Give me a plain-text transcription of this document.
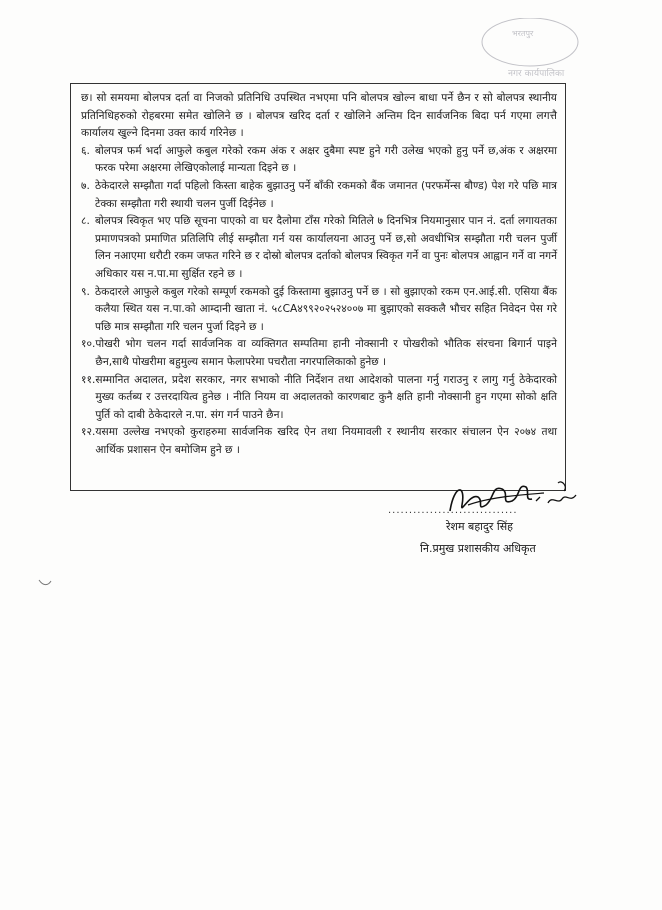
भरतपुर
नगर कार्यपालिका

छ। सो समयमा बोलपत्र दर्ता वा निजको प्रतिनिधि उपस्थित नभएमा पनि बोलपत्र खोल्न बाधा पर्ने छैन र सो बोलपत्र स्थानीय प्रतिनिधिहरुको रोहबरमा समेत खोलिने छ । बोलपत्र खरिद दर्ता र खोलिने अन्तिम दिन सार्वजनिक बिदा पर्न गएमा लगत्तै कार्यालय खुल्ने दिनमा उक्त कार्य गरिनेछ ।

६. बोलपत्र फर्म भर्दा आफुले कबुल गरेको रकम अंक र अक्षर दुबैमा स्पष्ट हुने गरी उलेख भएको हुनु पर्ने छ,अंक र अक्षरमा फरक परेमा अक्षरमा लेखिएकोलाई मान्यता दिइने छ ।
७. ठेकेदारले सम्झौता गर्दा पहिलो किस्ता बाहेक बुझाउनु पर्ने बाँकी रकमको बैंक जमानत (परफर्मेन्स बौण्ड) पेश गरे पछि मात्र टेक्का सम्झौता गरी स्थायी चलन पुर्जी दिईनेछ ।
८. बोलपत्र स्विकृत भए पछि सूचना पाएको वा घर दैलोमा टाँस गरेको मितिले ७ दिनभित्र नियमानुसार पान नं. दर्ता लगायतका प्रमाणपत्रको प्रमाणित प्रतिलिपि लीई सम्झौता गर्न यस कार्यालयना आउनु पर्ने छ,सो अवधीभित्र सम्झौता गरी चलन पुर्जी लिन नआएमा धरौटी रकम जफत गरिने छ र दोस्रो बोलपत्र दर्ताको बोलपत्र स्विकृत गर्ने वा पुनः बोलपत्र आह्वान गर्ने वा नगर्ने अधिकार यस न.पा.मा सुर्क्षित रहने छ ।
९. ठेकदारले आफुले कबुल गरेको सम्पूर्ण रकमको दुई किस्तामा बुझाउनु पर्ने छ । सो बुझाएको रकम एन.आई.सी. एसिया बैंक कलैया स्थित यस न.पा.को आम्दानी खाता नं. ५८CA४९९२०२५२४००७ मा बुझाएको सक्कलै भौचर सहित निवेदन पेस गरे पछि मात्र सम्झौता गरि चलन पुर्जा दिइने छ ।
१०. पोखरी भोग चलन गर्दा सार्वजनिक वा व्यक्तिगत सम्पतिमा हानी नोक्सानी र पोखरीको भौतिक संरचना बिगार्न पाइने छैन,साथै पोखरीमा बहुमुल्य समान फेलापरेमा पचरौता नगरपालिकाको हुनेछ ।
११. सम्मानित अदालत, प्रदेश सरकार, नगर सभाको नीति निर्देशन तथा आदेशको पालना गर्नु गराउनु र लागु गर्नु ठेकेदारको मुख्य कर्तब्य र उत्तरदायित्व हुनेछ । नीति नियम वा अदालतको कारणबाट कुनै क्षति हानी नोक्सानी हुन गएमा सोको क्षति पुर्ति को दाबी ठेकेदारले न.पा. संग गर्न पाउने छैन।
१२. यसमा उल्लेख नभएको कुराहरुमा सार्वजनिक खरिद ऐन तथा नियमावली र स्थानीय सरकार संचालन ऐन २०७४ तथा आर्थिक प्रशासन ऐन बमोजिम हुने छ ।
...............................
रेशम बहादुर सिंह
नि.प्रमुख प्रशासकीय अधिकृत
